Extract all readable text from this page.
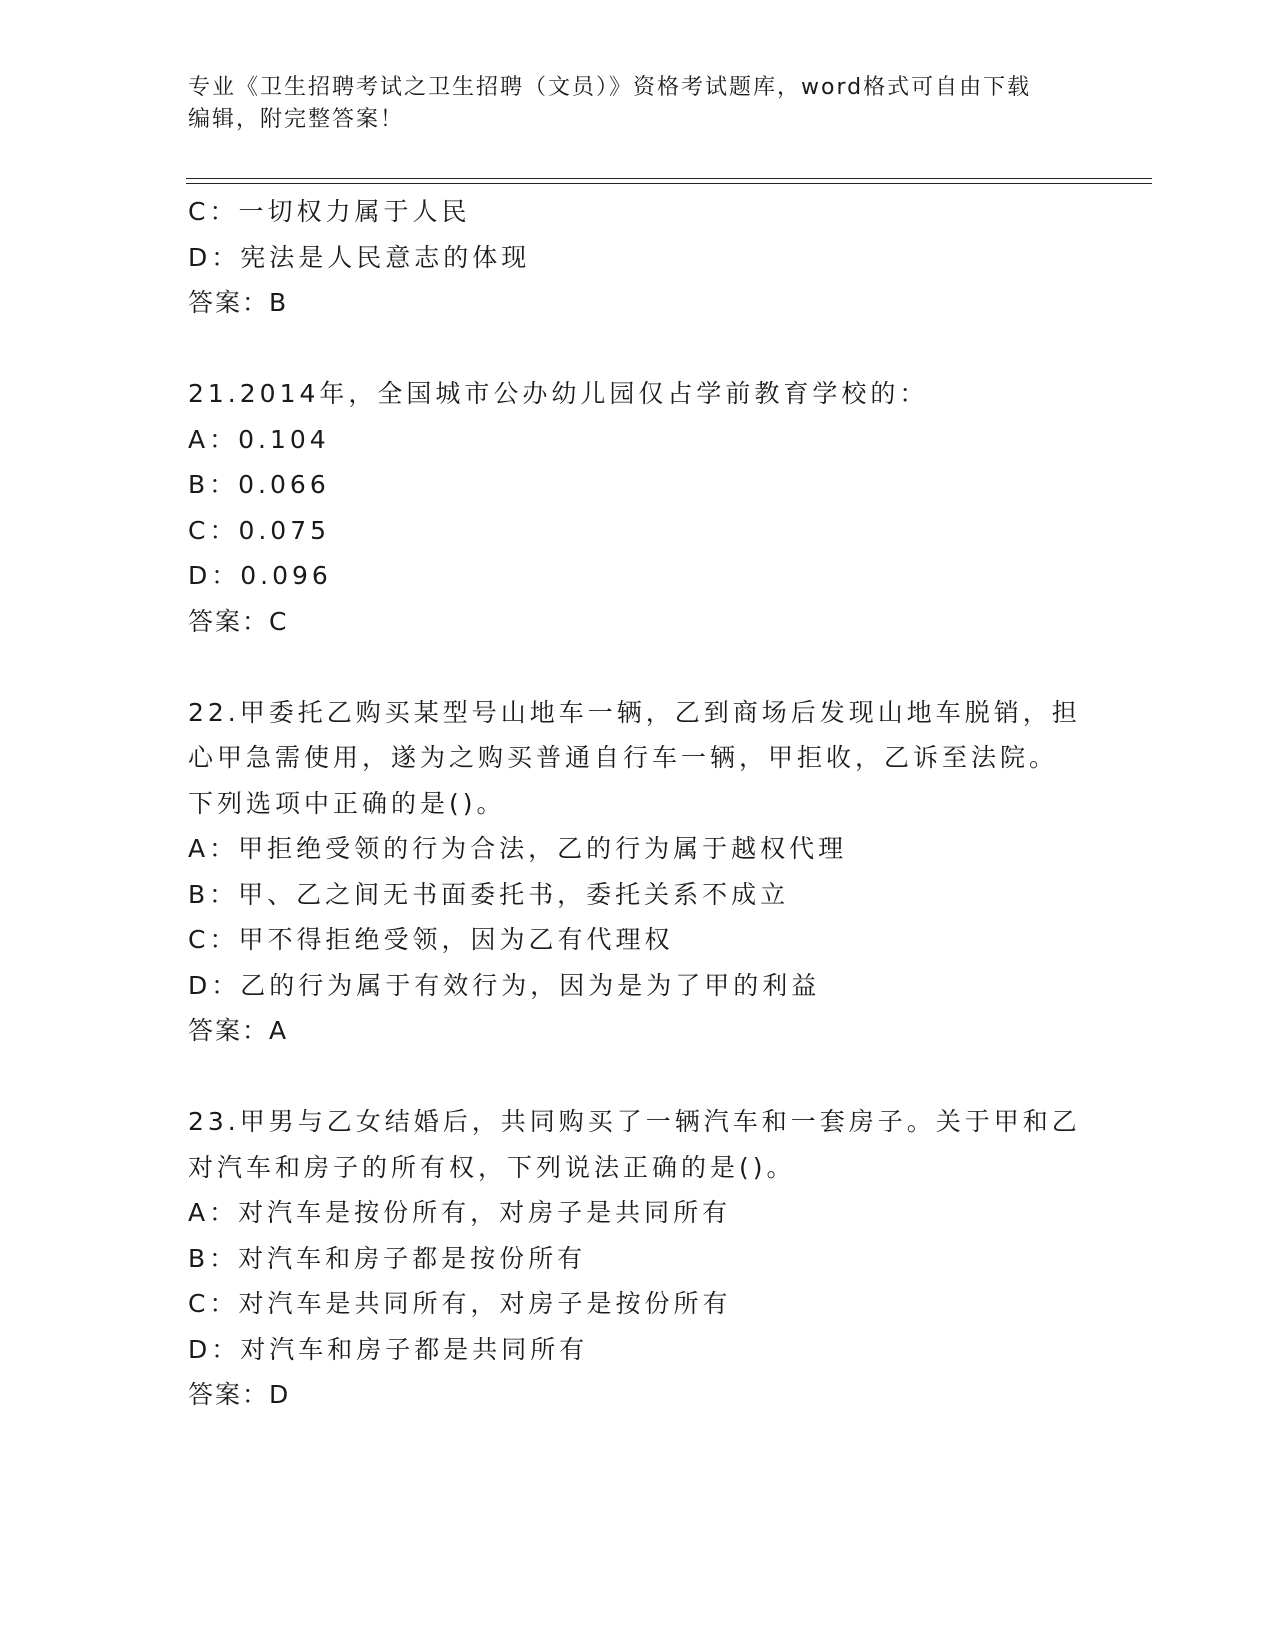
专业《卫生招聘考试之卫生招聘（文员）》资格考试题库，word格式可自由下载
编辑，附完整答案！
C：一切权力属于人民
D：宪法是人民意志的体现
答案：B
21.2014年，全国城市公办幼儿园仅占学前教育学校的：
A：0.104
B：0.066
C：0.075
D：0.096
答案：C
22.甲委托乙购买某型号山地车一辆，乙到商场后发现山地车脱销，担
心甲急需使用，遂为之购买普通自行车一辆，甲拒收，乙诉至法院。
下列选项中正确的是()。
A：甲拒绝受领的行为合法，乙的行为属于越权代理
B：甲、乙之间无书面委托书，委托关系不成立
C：甲不得拒绝受领，因为乙有代理权
D：乙的行为属于有效行为，因为是为了甲的利益
答案：A
23.甲男与乙女结婚后，共同购买了一辆汽车和一套房子。关于甲和乙
对汽车和房子的所有权，下列说法正确的是()。
A：对汽车是按份所有，对房子是共同所有
B：对汽车和房子都是按份所有
C：对汽车是共同所有，对房子是按份所有
D：对汽车和房子都是共同所有
答案：D
